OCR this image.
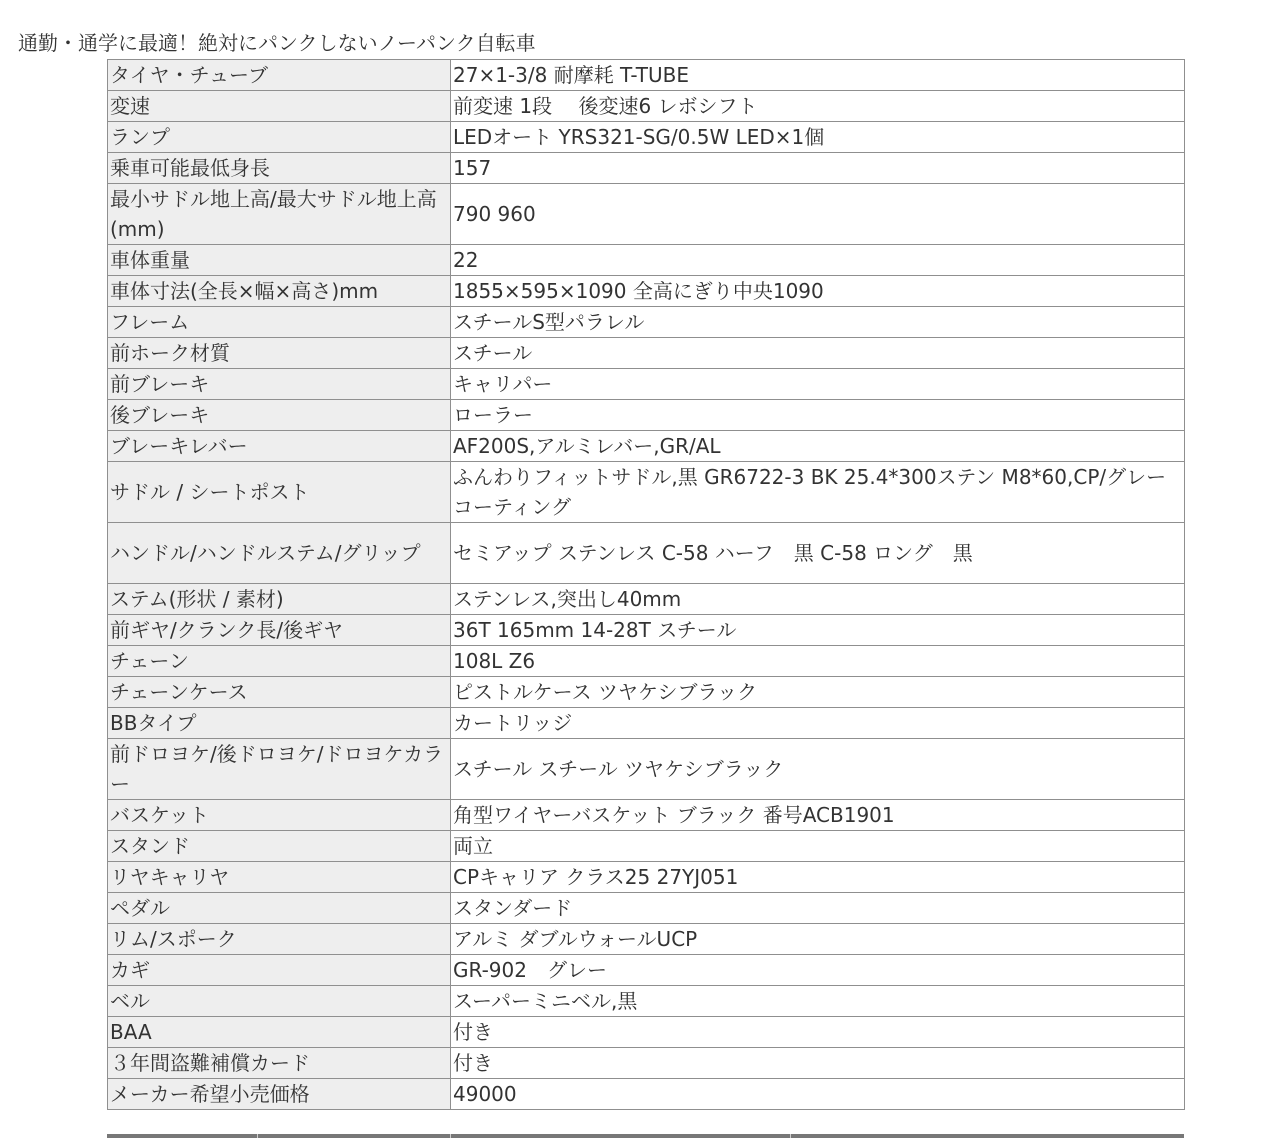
通勤・通学に最適！絶対にパンクしないノーパンク自転車
タイヤ・チューブ	27×1-3/8 耐摩耗 T-TUBE
変速	前変速 1段　 後変速6 レボシフト
ランプ	LEDオート YRS321-SG/0.5W LED×1個
乗車可能最低身長	157
最小サドル地上高/最大サドル地上高(mm)	790 960
車体重量	22
車体寸法(全長×幅×高さ)mm	1855×595×1090 全高にぎり中央1090
フレーム	スチールS型パラレル
前ホーク材質	スチール
前ブレーキ	キャリパー
後ブレーキ	ローラー
ブレーキレバー	AF200S,アルミレバー,GR/AL
サドル / シートポスト	ふんわりフィットサドル,黒 GR6722-3 BK 25.4*300ステン M8*60,CP/グレーコーティング
ハンドル/ハンドルステム/グリップ	セミアップ ステンレス C-58 ハーフ　黒 C-58 ロング　黒
ステム(形状 / 素材)	ステンレス,突出し40mm
前ギヤ/クランク長/後ギヤ	36T 165mm 14-28T スチール
チェーン	108L Z6
チェーンケース	ピストルケース ツヤケシブラック
BBタイプ	カートリッジ
前ドロヨケ/後ドロヨケ/ドロヨケカラー	スチール スチール ツヤケシブラック
バスケット	角型ワイヤーバスケット ブラック 番号ACB1901
スタンド	両立
リヤキャリヤ	CPキャリア クラス25 27YJ051
ペダル	スタンダード
リム/スポーク	アルミ ダブルウォールUCP
カギ	GR-902　グレー
ベル	スーパーミニベル,黒
BAA	付き
３年間盗難補償カード	付き
メーカー希望小売価格	49000
